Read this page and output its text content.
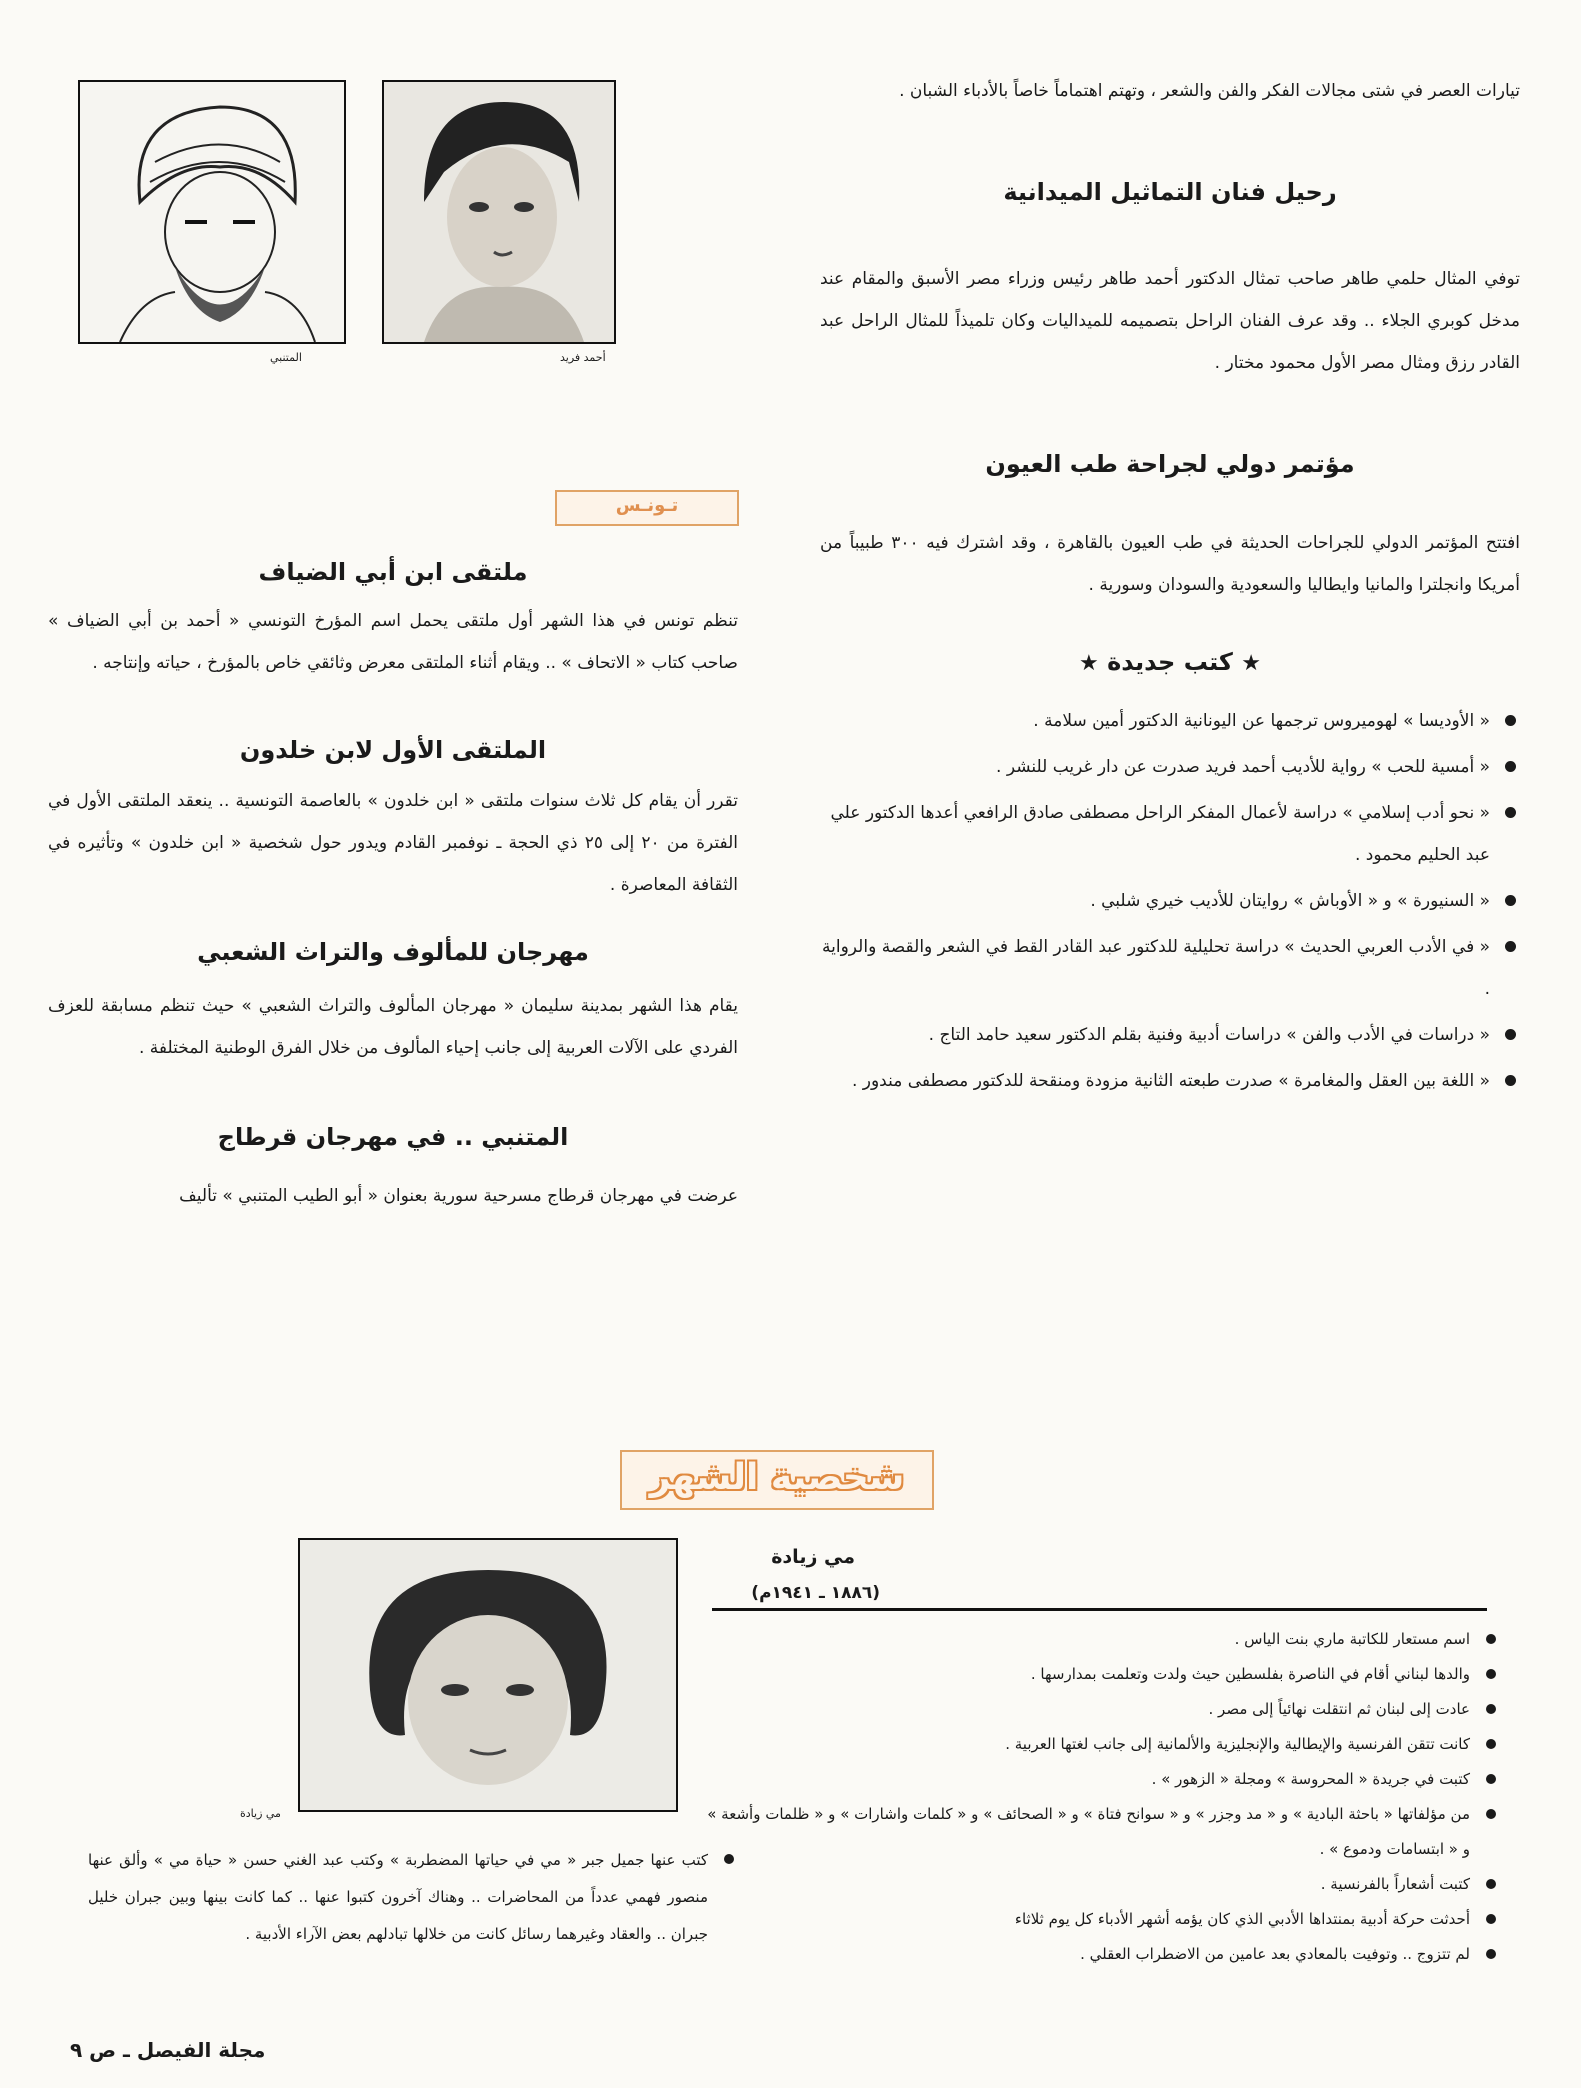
تيارات العصر في شتى مجالات الفكر والفن والشعر ، وتهتم اهتماماً خاصاً بالأدباء الشبان .

رحيل فنان التماثيل الميدانية

توفي المثال حلمي طاهر صاحب تمثال الدكتور أحمد طاهر رئيس وزراء مصر الأسبق والمقام عند مدخل كوبري الجلاء .. وقد عرف الفنان الراحل بتصميمه للميداليات وكان تلميذاً للمثال الراحل عبد القادر رزق ومثال مصر الأول محمود مختار .

مؤتمر دولي لجراحة طب العيون

افتتح المؤتمر الدولي للجراحات الحديثة في طب العيون بالقاهرة ، وقد اشترك فيه ٣٠٠ طبيباً من أمريكا وانجلترا والمانيا وايطاليا والسعودية والسودان وسورية .

★ كتب جديدة ★
« الأوديسا » لهوميروس ترجمها عن اليونانية الدكتور أمين سلامة .
« أمسية للحب » رواية للأديب أحمد فريد صدرت عن دار غريب للنشر .
« نحو أدب إسلامي » دراسة لأعمال المفكر الراحل مصطفى صادق الرافعي أعدها الدكتور علي عبد الحليم محمود .
« السنيورة » و « الأوباش » روايتان للأديب خيري شلبي .
« في الأدب العربي الحديث » دراسة تحليلية للدكتور عبد القادر القط في الشعر والقصة والرواية .
« دراسات في الأدب والفن » دراسات أدبية وفنية بقلم الدكتور سعيد حامد التاج .
« اللغة بين العقل والمغامرة » صدرت طبعته الثانية مزودة ومنقحة للدكتور مصطفى مندور .
أحمد فريد
المتنبي
تـونـس
ملتقى ابن أبي الضياف

تنظم تونس في هذا الشهر أول ملتقى يحمل اسم المؤرخ التونسي « أحمد بن أبي الضياف » صاحب كتاب « الاتحاف » .. ويقام أثناء الملتقى معرض وثائقي خاص بالمؤرخ ، حياته وإنتاجه .

الملتقى الأول لابن خلدون

تقرر أن يقام كل ثلاث سنوات ملتقى « ابن خلدون » بالعاصمة التونسية .. ينعقد الملتقى الأول في الفترة من ٢٠ إلى ٢٥ ذي الحجة ـ نوفمبر القادم ويدور حول شخصية « ابن خلدون » وتأثيره في الثقافة المعاصرة .

مهرجان للمألوف والتراث الشعبي

يقام هذا الشهر بمدينة سليمان « مهرجان المألوف والتراث الشعبي » حيث تنظم مسابقة للعزف الفردي على الآلات العربية إلى جانب إحياء المألوف من خلال الفرق الوطنية المختلفة .

المتنبي .. في مهرجان قرطاج

عرضت في مهرجان قرطاج مسرحية سورية بعنوان « أبو الطيب المتنبي » تأليف

شخصية الشهر
مي زيادة
(١٨٨٦ ـ ١٩٤١م)
اسم مستعار للكاتبة ماري بنت الياس .
والدها لبناني أقام في الناصرة بفلسطين حيث ولدت وتعلمت بمدارسها .
عادت إلى لبنان ثم انتقلت نهائياً إلى مصر .
كانت تتقن الفرنسية والإيطالية والإنجليزية والألمانية إلى جانب لغتها العربية .
كتبت في جريدة « المحروسة » ومجلة « الزهور » .
من مؤلفاتها « باحثة البادية » و « مد وجزر » و « سوانح فتاة » و « الصحائف » و « كلمات واشارات » و « ظلمات وأشعة » و « ابتسامات ودموع » .
كتبت أشعاراً بالفرنسية .
أحدثت حركة أدبية بمنتداها الأدبي الذي كان يؤمه أشهر الأدباء كل يوم ثلاثاء
لم تتزوج .. وتوفيت بالمعادي بعد عامين من الاضطراب العقلي .
مي زيادة
كتب عنها جميل جبر « مي في حياتها المضطربة » وكتب عبد الغني حسن « حياة مي » وألق عنها منصور فهمي عدداً من المحاضرات .. وهناك آخرون كتبوا عنها .. كما كانت بينها وبين جبران خليل جبران .. والعقاد وغيرهما رسائل كانت من خلالها تبادلهم بعض الآراء الأدبية .
مجلة الفيصل ـ ص ٩
